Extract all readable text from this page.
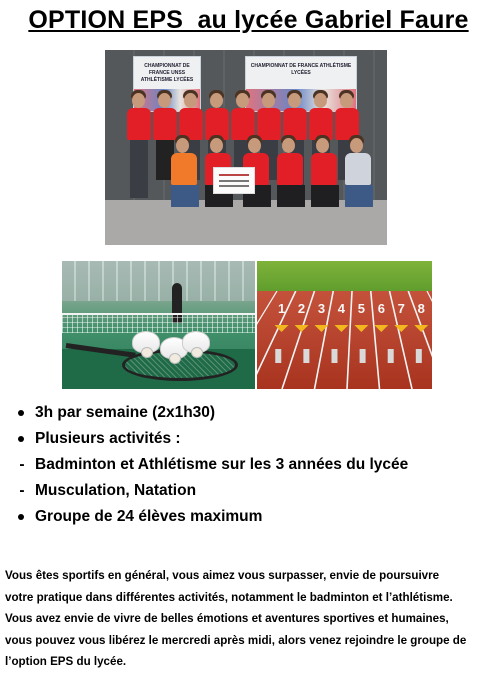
OPTION EPS  au lycée Gabriel Faure
CHAMPIONNAT DE FRANCE UNSS ATHLÉTISME LYCÉES
CHAMPIONNAT DE FRANCE ATHLÉTISME LYCÉES
1 2 3 4 5 6 7 8
3h par semaine (2x1h30)
Plusieurs activités :
- Badminton et Athlétisme sur les 3 années du lycée
- Musculation, Natation
Groupe de 24 élèves maximum
Vous êtes sportifs en général, vous aimez vous surpasser, envie de poursuivre
votre pratique dans différentes activités, notamment le badminton et l’athlétisme.
Vous avez envie de vivre de belles émotions et aventures sportives et humaines,
vous pouvez vous libérez le mercredi après midi, alors venez rejoindre le groupe de
l’option EPS du lycée.
